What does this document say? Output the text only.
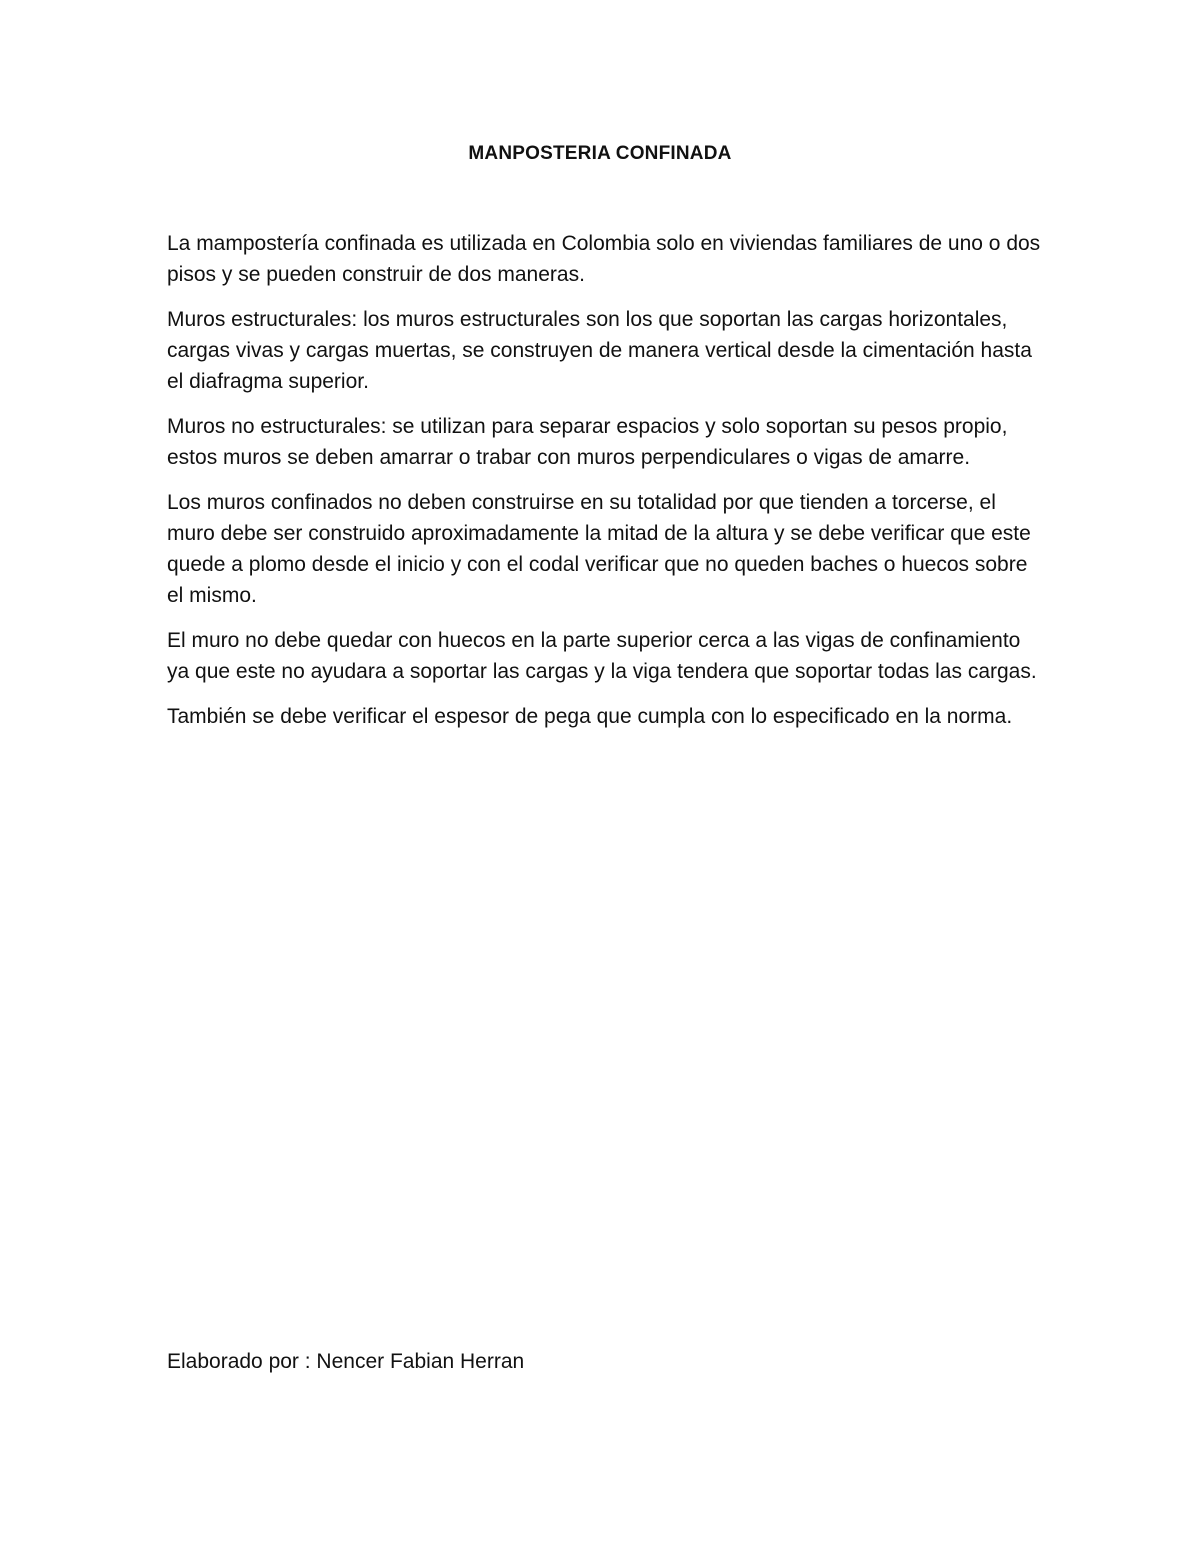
MANPOSTERIA CONFINADA

La mampostería confinada es utilizada en Colombia solo en viviendas familiares de uno o dos pisos y se pueden construir de dos maneras.

Muros estructurales: los muros estructurales son los que soportan las cargas horizontales, cargas vivas y cargas muertas, se construyen de manera vertical desde la cimentación hasta el diafragma superior.

Muros no estructurales: se utilizan para separar espacios y solo soportan su pesos propio, estos muros se deben amarrar o trabar con muros perpendiculares o vigas de amarre.

Los muros confinados no deben construirse en su totalidad por que tienden a torcerse, el muro debe ser construido aproximadamente la mitad de la altura y se debe verificar que este quede a plomo desde el inicio y con el codal verificar que no queden baches o huecos sobre el mismo.

El muro no debe quedar con huecos en la parte superior cerca a las vigas de confinamiento ya que este no ayudara a soportar las cargas y la viga tendera que soportar todas las cargas.

También se debe verificar el espesor de pega que cumpla con lo especificado en la norma.

Elaborado por : Nencer Fabian Herran
